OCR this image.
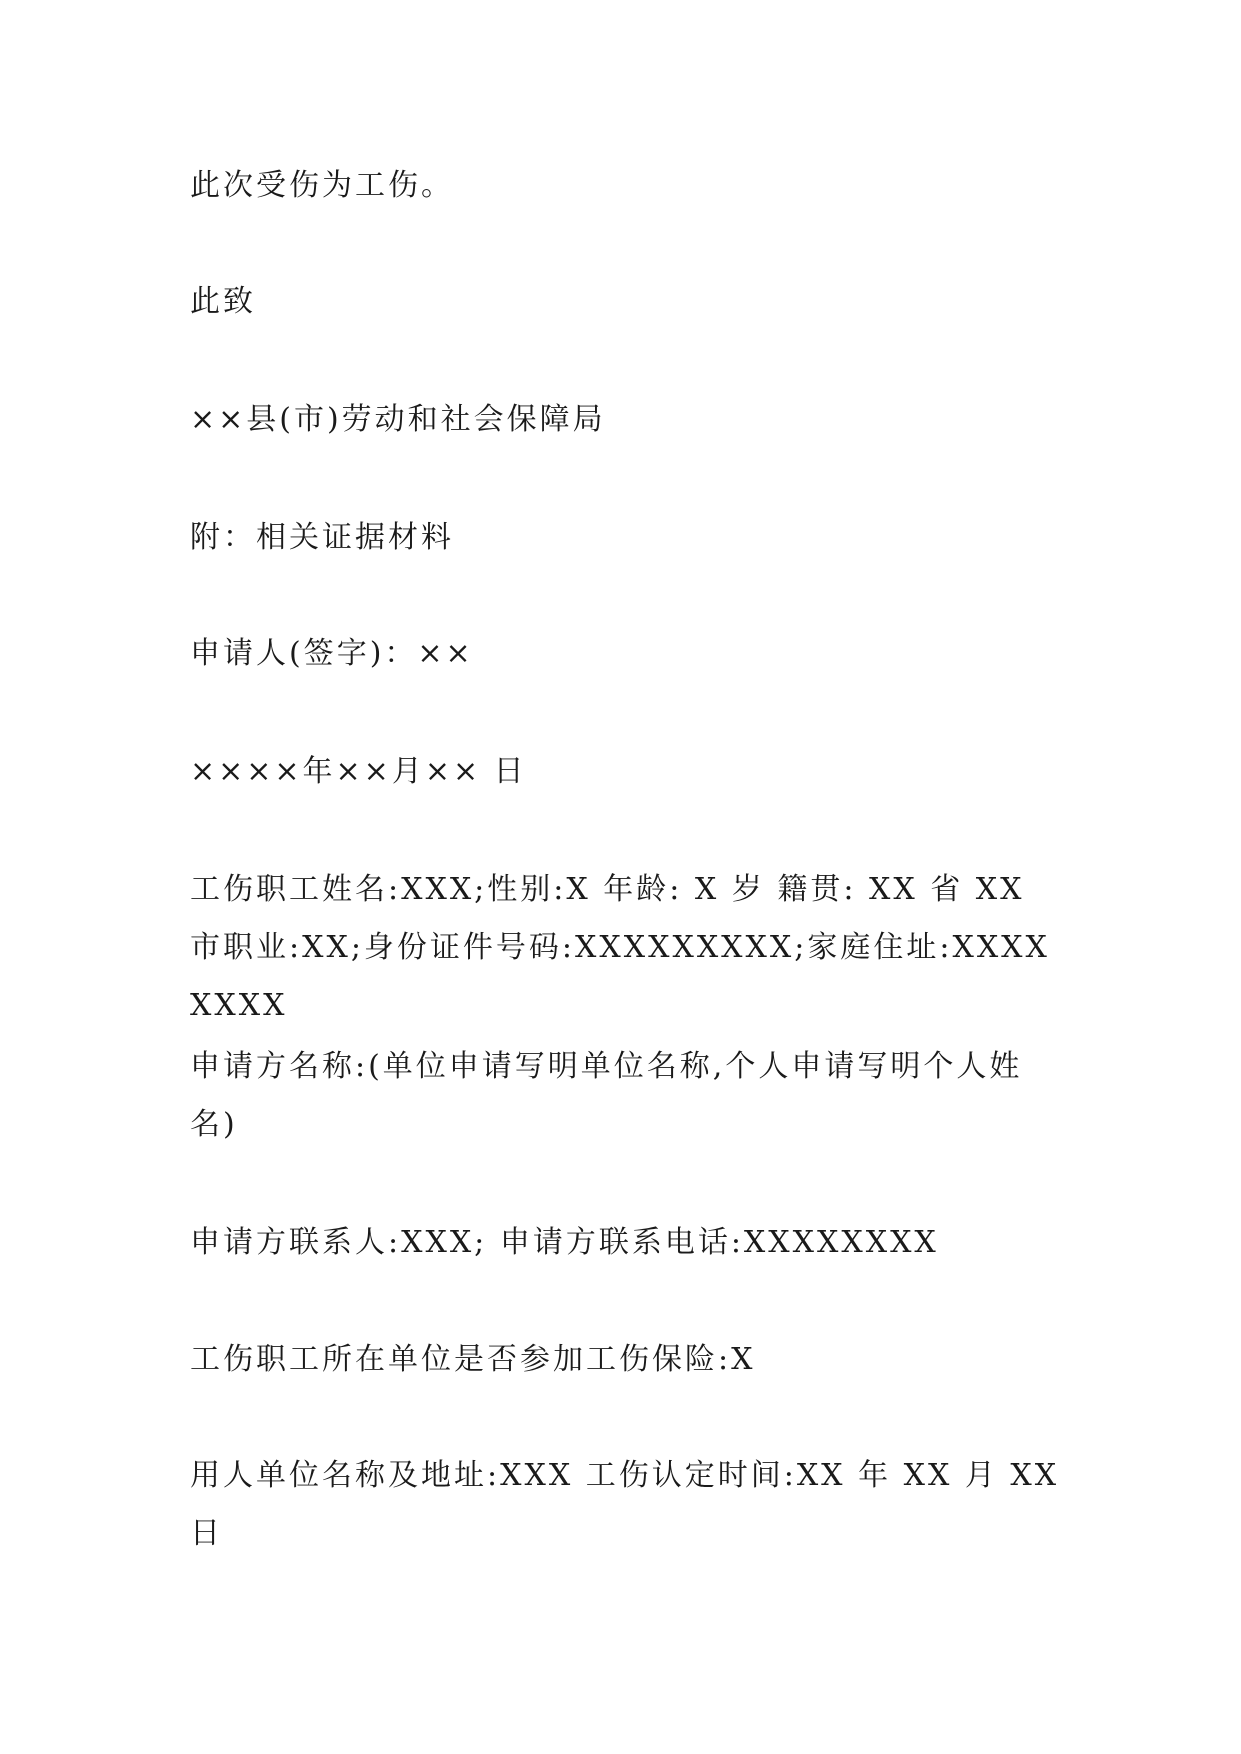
此次受伤为工伤。

此致

××县(市)劳动和社会保障局

附：相关证据材料

申请人(签字)：××

××××年××月×× 日

工伤职工姓名:XXX;性别:X 年龄: X 岁 籍贯: XX 省 XX 市职业:XX;身份证件号码:XXXXXXXXX;家庭住址:XXXXXXXX

申请方名称:(单位申请写明单位名称,个人申请写明个人姓名)

申请方联系人:XXX; 申请方联系电话:XXXXXXXX

工伤职工所在单位是否参加工伤保险:X

用人单位名称及地址:XXX 工伤认定时间:XX 年 XX 月 XX 日
